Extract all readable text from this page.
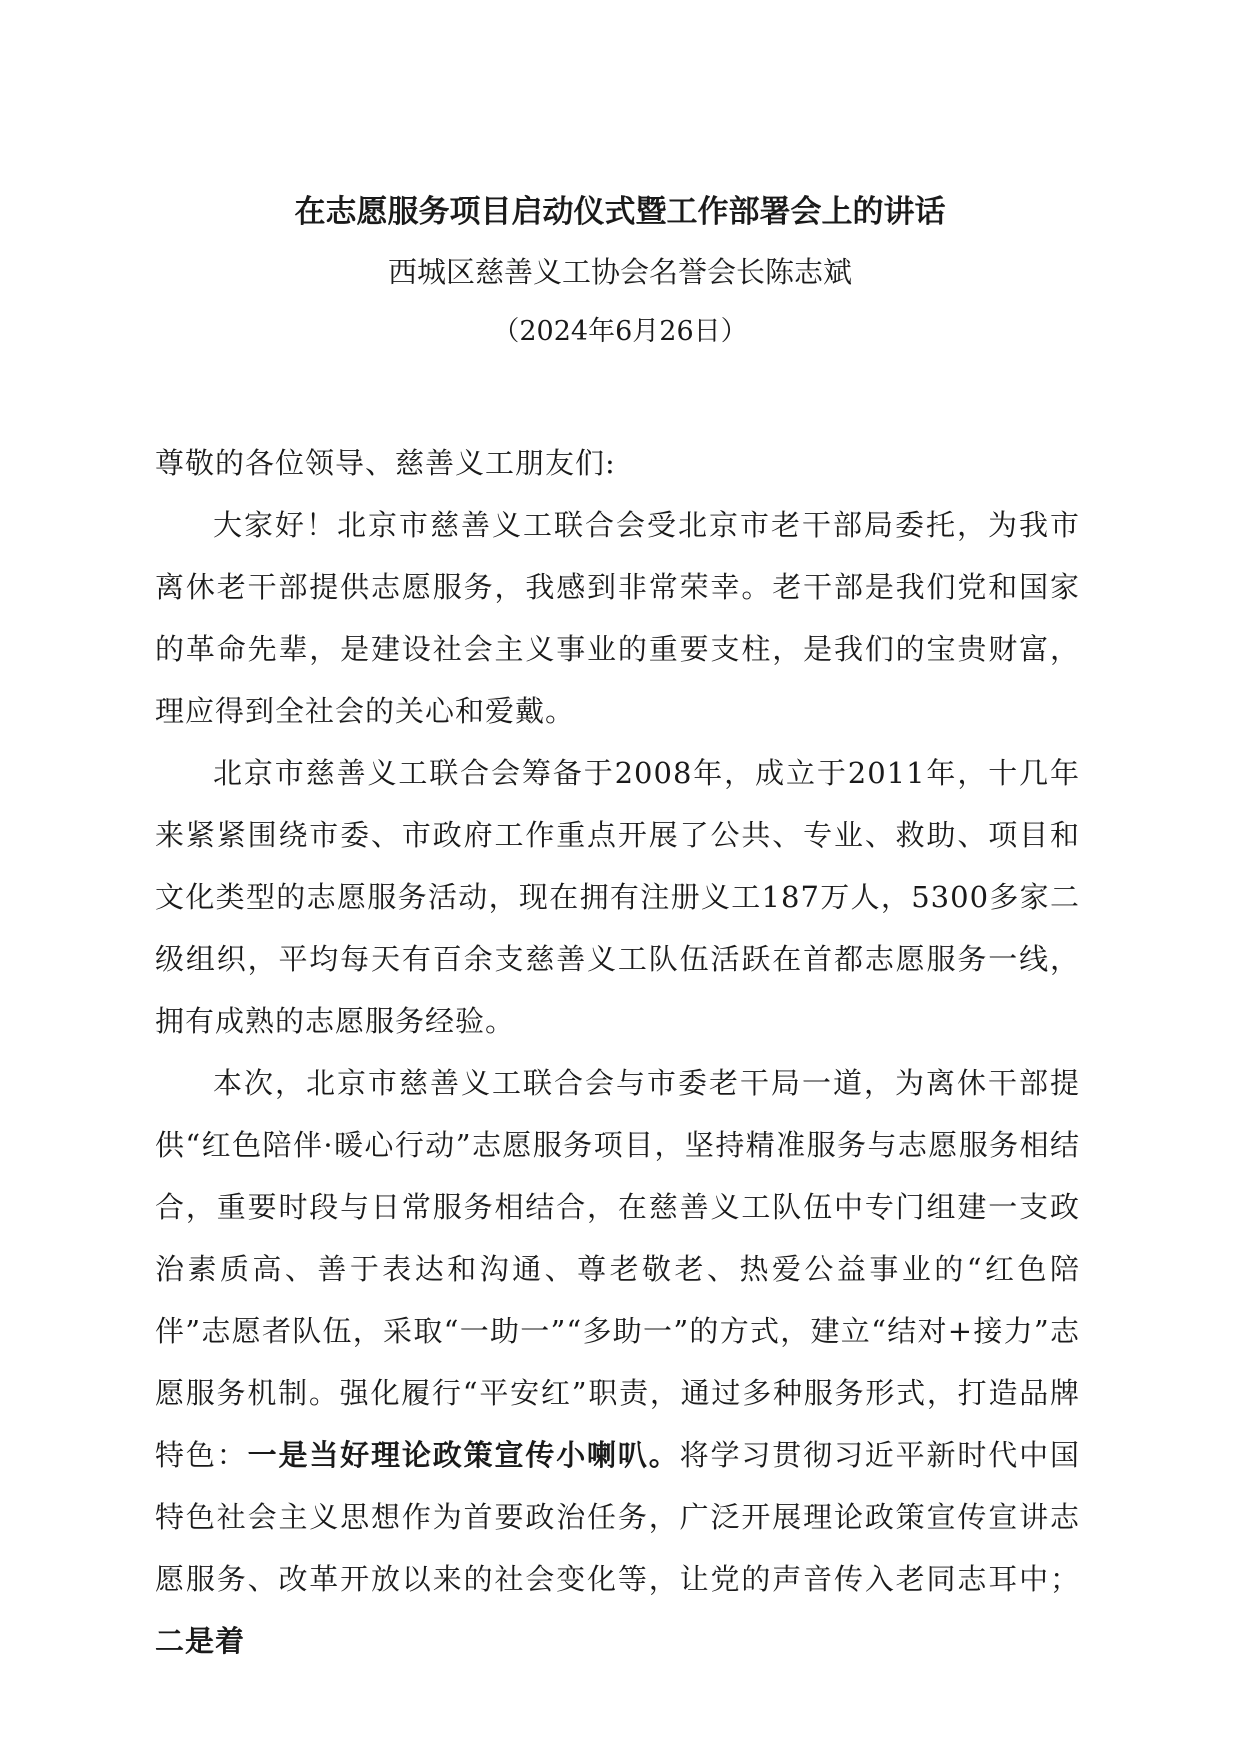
在志愿服务项目启动仪式暨工作部署会上的讲话
西城区慈善义工协会名誉会长陈志斌
（2024年6月26日）

尊敬的各位领导、慈善义工朋友们:

大家好！北京市慈善义工联合会受北京市老干部局委托，为我市离休老干部提供志愿服务，我感到非常荣幸。老干部是我们党和国家的革命先辈，是建设社会主义事业的重要支柱，是我们的宝贵财富，理应得到全社会的关心和爱戴。

北京市慈善义工联合会筹备于2008年，成立于2011年，十几年来紧紧围绕市委、市政府工作重点开展了公共、专业、救助、项目和文化类型的志愿服务活动，现在拥有注册义工187万人，5300多家二级组织，平均每天有百余支慈善义工队伍活跃在首都志愿服务一线，拥有成熟的志愿服务经验。

本次，北京市慈善义工联合会与市委老干局一道，为离休干部提供“红色陪伴·暖心行动”志愿服务项目，坚持精准服务与志愿服务相结合，重要时段与日常服务相结合，在慈善义工队伍中专门组建一支政治素质高、善于表达和沟通、尊老敬老、热爱公益事业的“红色陪伴”志愿者队伍，采取“一助一”“多助一”的方式，建立“结对+接力”志愿服务机制。强化履行“平安红”职责，通过多种服务形式，打造品牌特色：一是当好理论政策宣传小喇叭。将学习贯彻习近平新时代中国特色社会主义思想作为首要政治任务，广泛开展理论政策宣传宣讲志愿服务、改革开放以来的社会变化等，让党的声音传入老同志耳中；二是着
